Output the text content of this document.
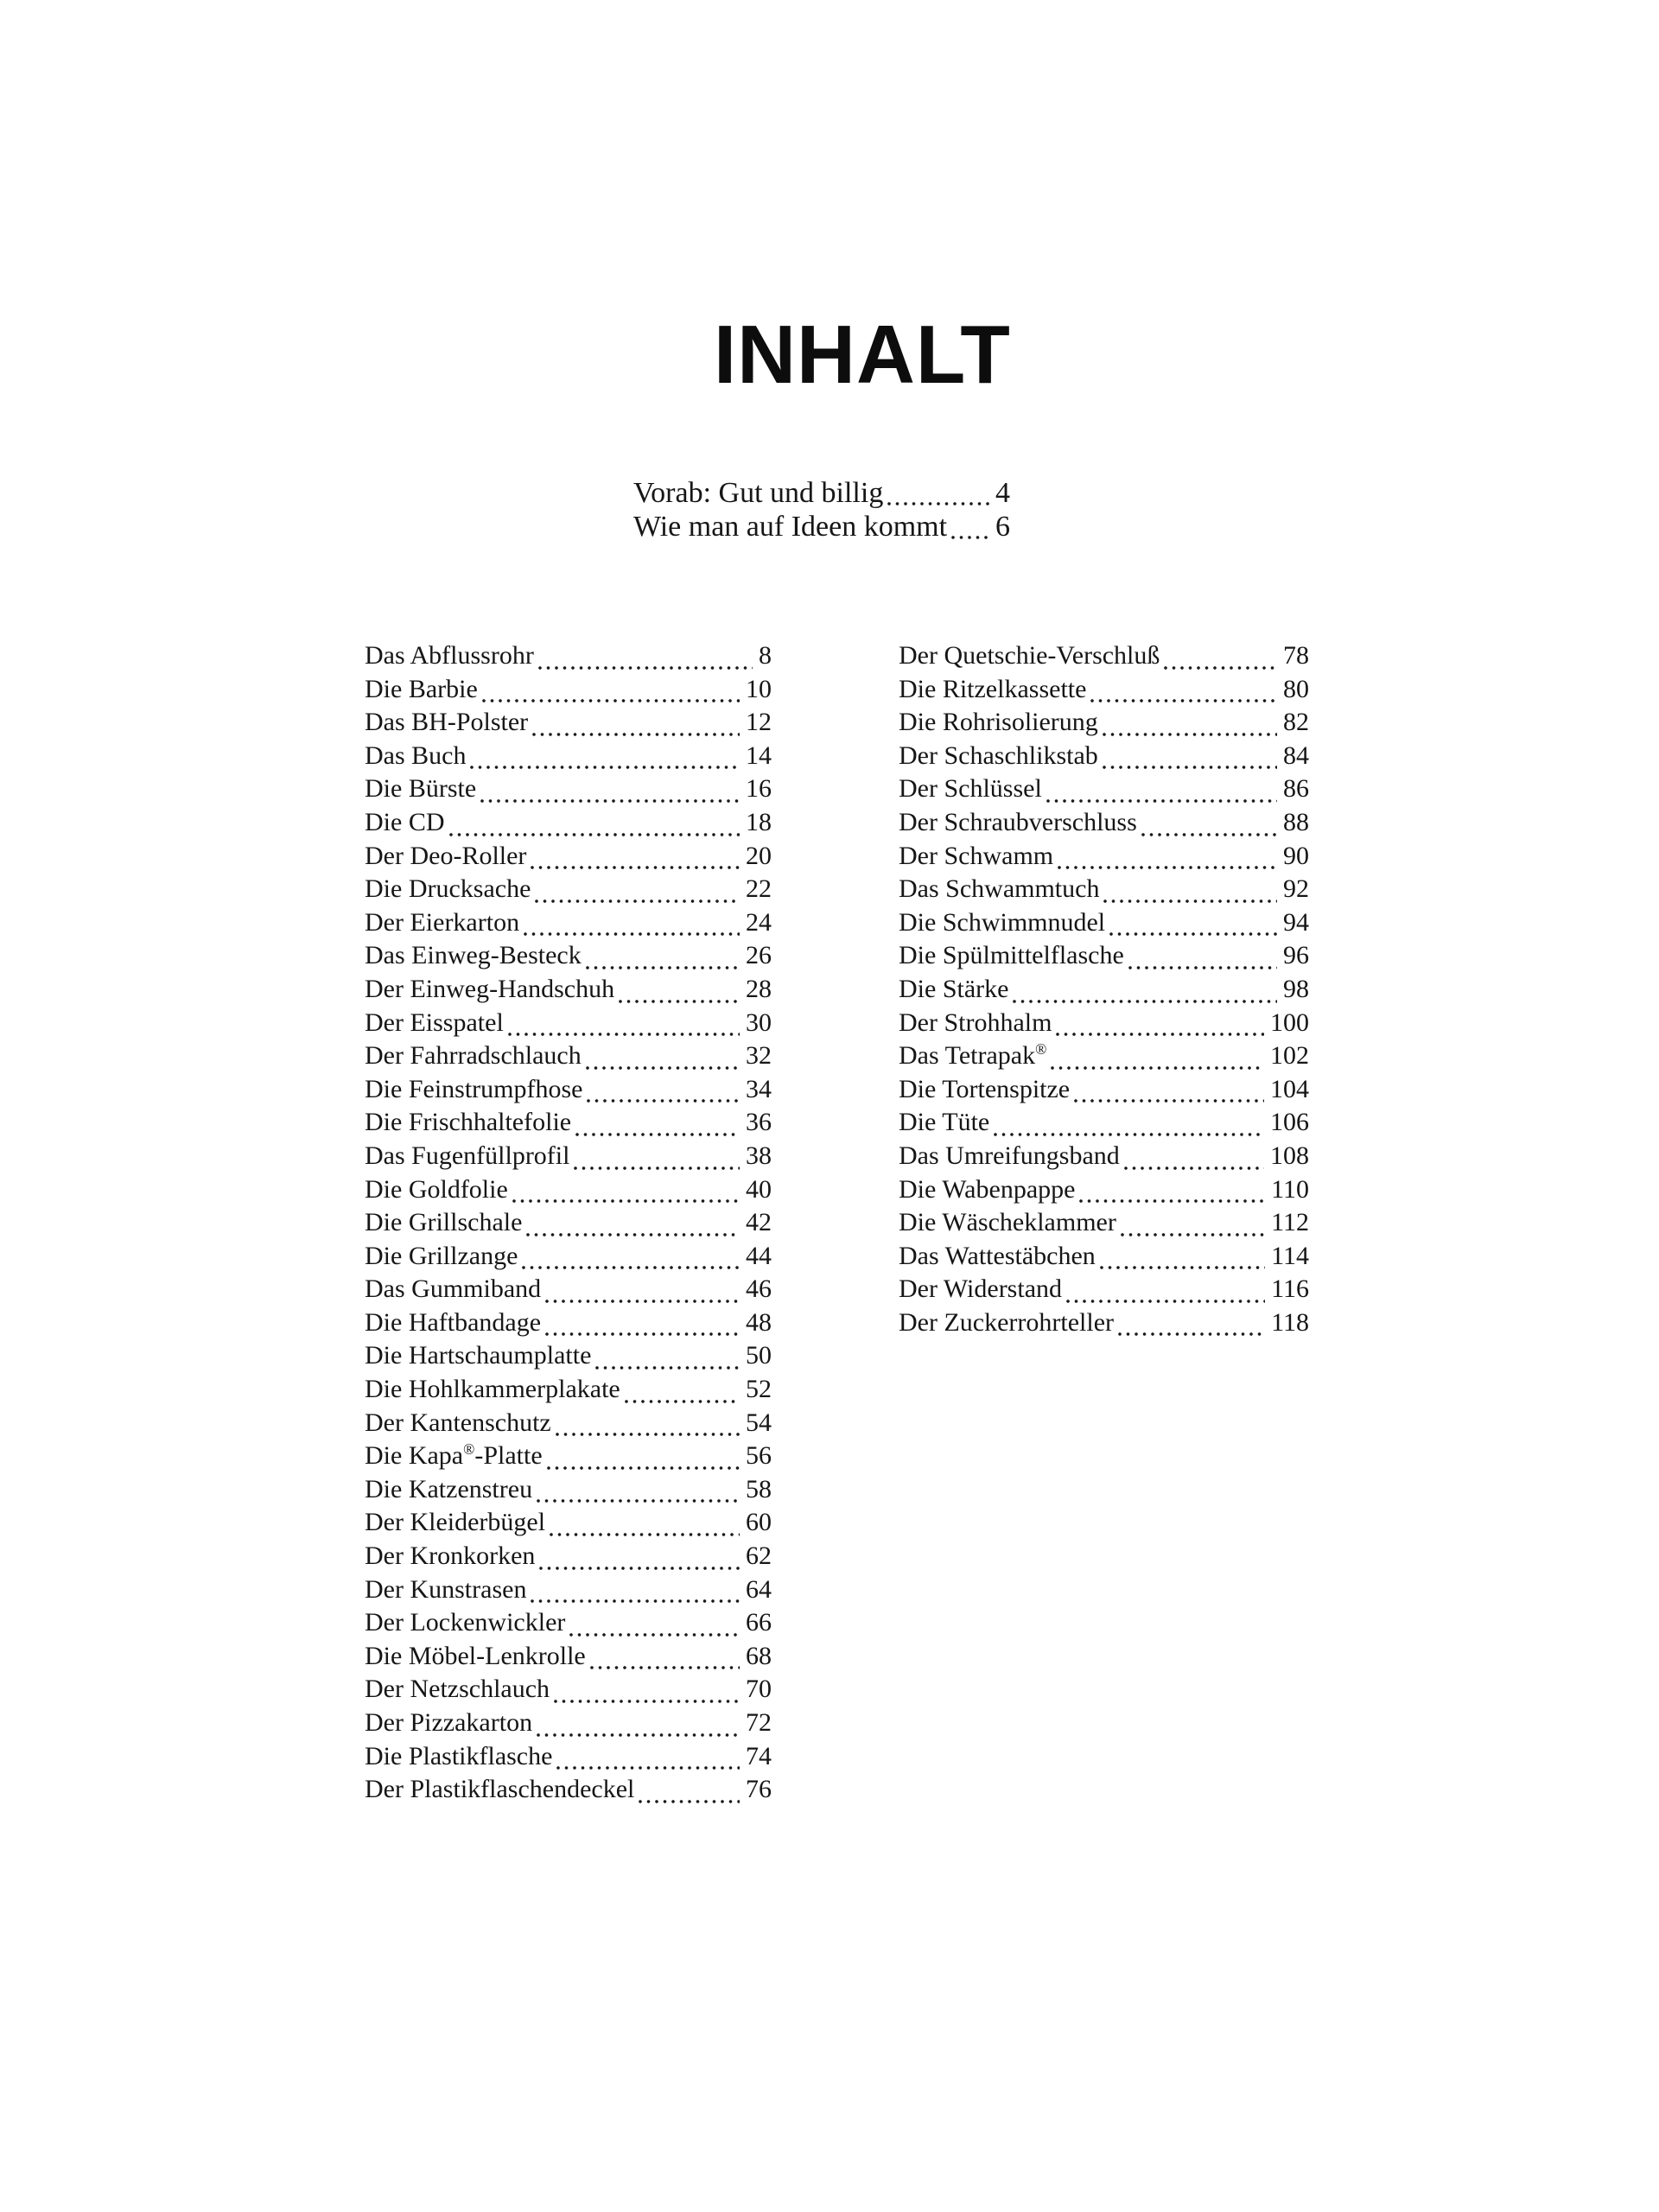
INHALT
Vorab: Gut und billig	4
Wie man auf Ideen kommt 6
Das Abflussrohr	8
Die Barbie	10
Das BH-Polster	12
Das Buch	14
Die Bürste	16
Die CD	18
Der Deo-Roller	20
Die Drucksache	22
Der Eierkarton	24
Das Einweg-Besteck	26
Der Einweg-Handschuh	28
Der Eisspatel	30
Der Fahrradschlauch	32
Die Feinstrumpfhose	34
Die Frischhaltefolie	36
Das Fugenfüllprofil	38
Die Goldfolie	40
Die Grillschale	42
Die Grillzange	44
Das Gummiband	46
Die Haftbandage	48
Die Hartschaumplatte	50
Die Hohlkammerplakate	52
Der Kantenschutz	54
Die Kapa®-Platte	56
Die Katzenstreu	58
Der Kleiderbügel	60
Der Kronkorken	62
Der Kunstrasen	64
Der Lockenwickler	66
Die Möbel-Lenkrolle	68
Der Netzschlauch	70
Der Pizzakarton	72
Die Plastikflasche	74
Der Plastikflaschendeckel	76
Der Quetschie-Verschluß	78
Die Ritzelkassette	80
Die Rohrisolierung	82
Der Schaschlikstab	84
Der Schlüssel	86
Der Schraubverschluss	88
Der Schwamm	90
Das Schwammtuch	92
Die Schwimmnudel	94
Die Spülmittelflasche	96
Die Stärke	98
Der Strohhalm	100
Das Tetrapak®	102
Die Tortenspitze	104
Die Tüte	106
Das Umreifungsband	108
Die Wabenpappe	110
Die Wäscheklammer	112
Das Wattestäbchen	114
Der Widerstand	116
Der Zuckerrohrteller	118
